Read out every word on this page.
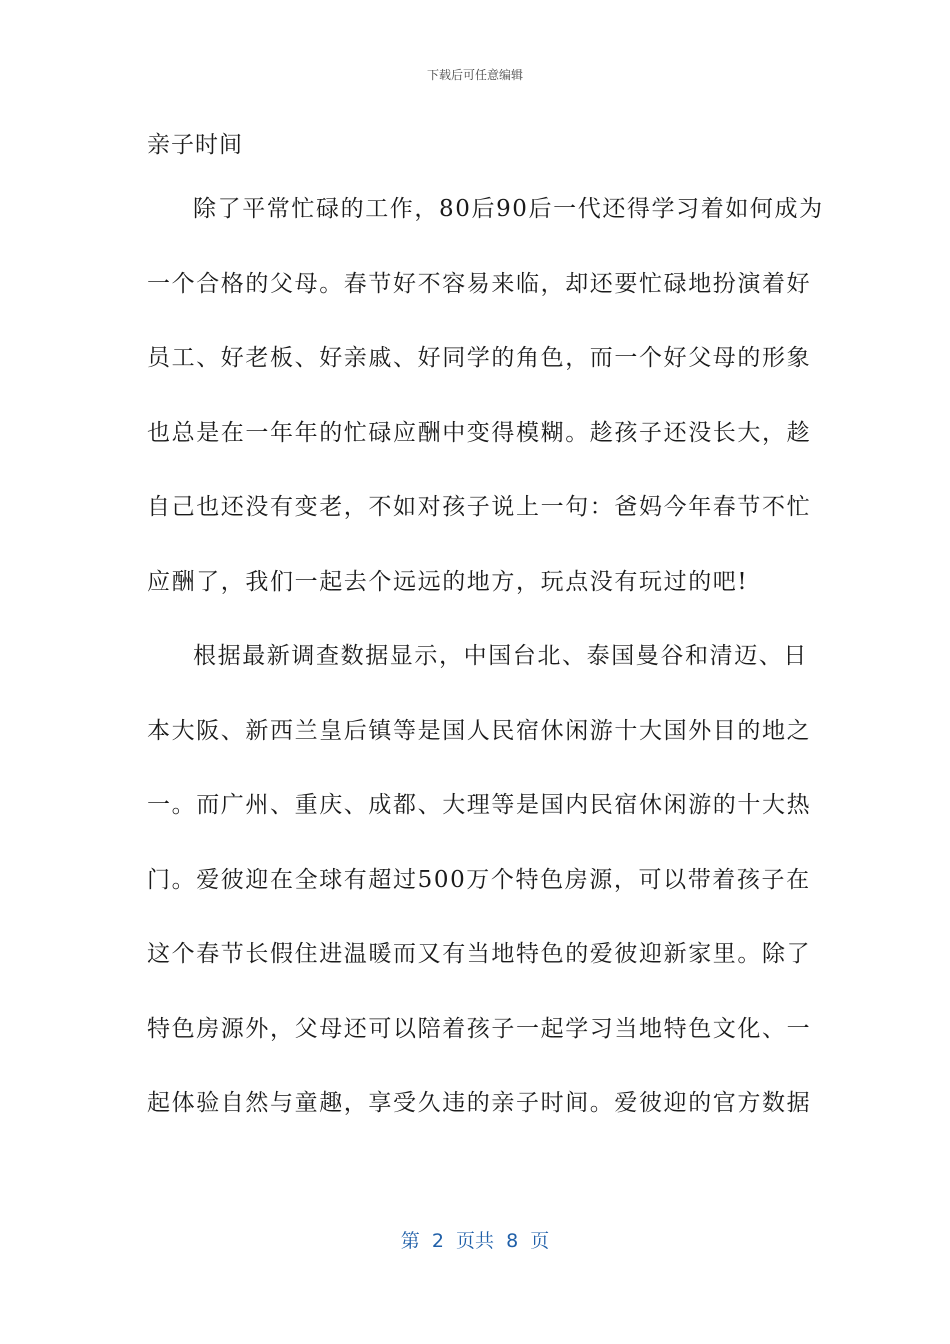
下载后可任意编辑
亲子时间
除了平常忙碌的工作，80后90后一代还得学习着如何成为
一个合格的父母。春节好不容易来临，却还要忙碌地扮演着好
员工、好老板、好亲戚、好同学的角色，而一个好父母的形象
也总是在一年年的忙碌应酬中变得模糊。趁孩子还没长大，趁
自己也还没有变老，不如对孩子说上一句：爸妈今年春节不忙
应酬了，我们一起去个远远的地方，玩点没有玩过的吧!
根据最新调查数据显示，中国台北、泰国曼谷和清迈、日
本大阪、新西兰皇后镇等是国人民宿休闲游十大国外目的地之
一。而广州、重庆、成都、大理等是国内民宿休闲游的十大热
门。爱彼迎在全球有超过500万个特色房源，可以带着孩子在
这个春节长假住进温暖而又有当地特色的爱彼迎新家里。除了
特色房源外，父母还可以陪着孩子一起学习当地特色文化、一
起体验自然与童趣，享受久违的亲子时间。爱彼迎的官方数据
第  2  页共  8  页
